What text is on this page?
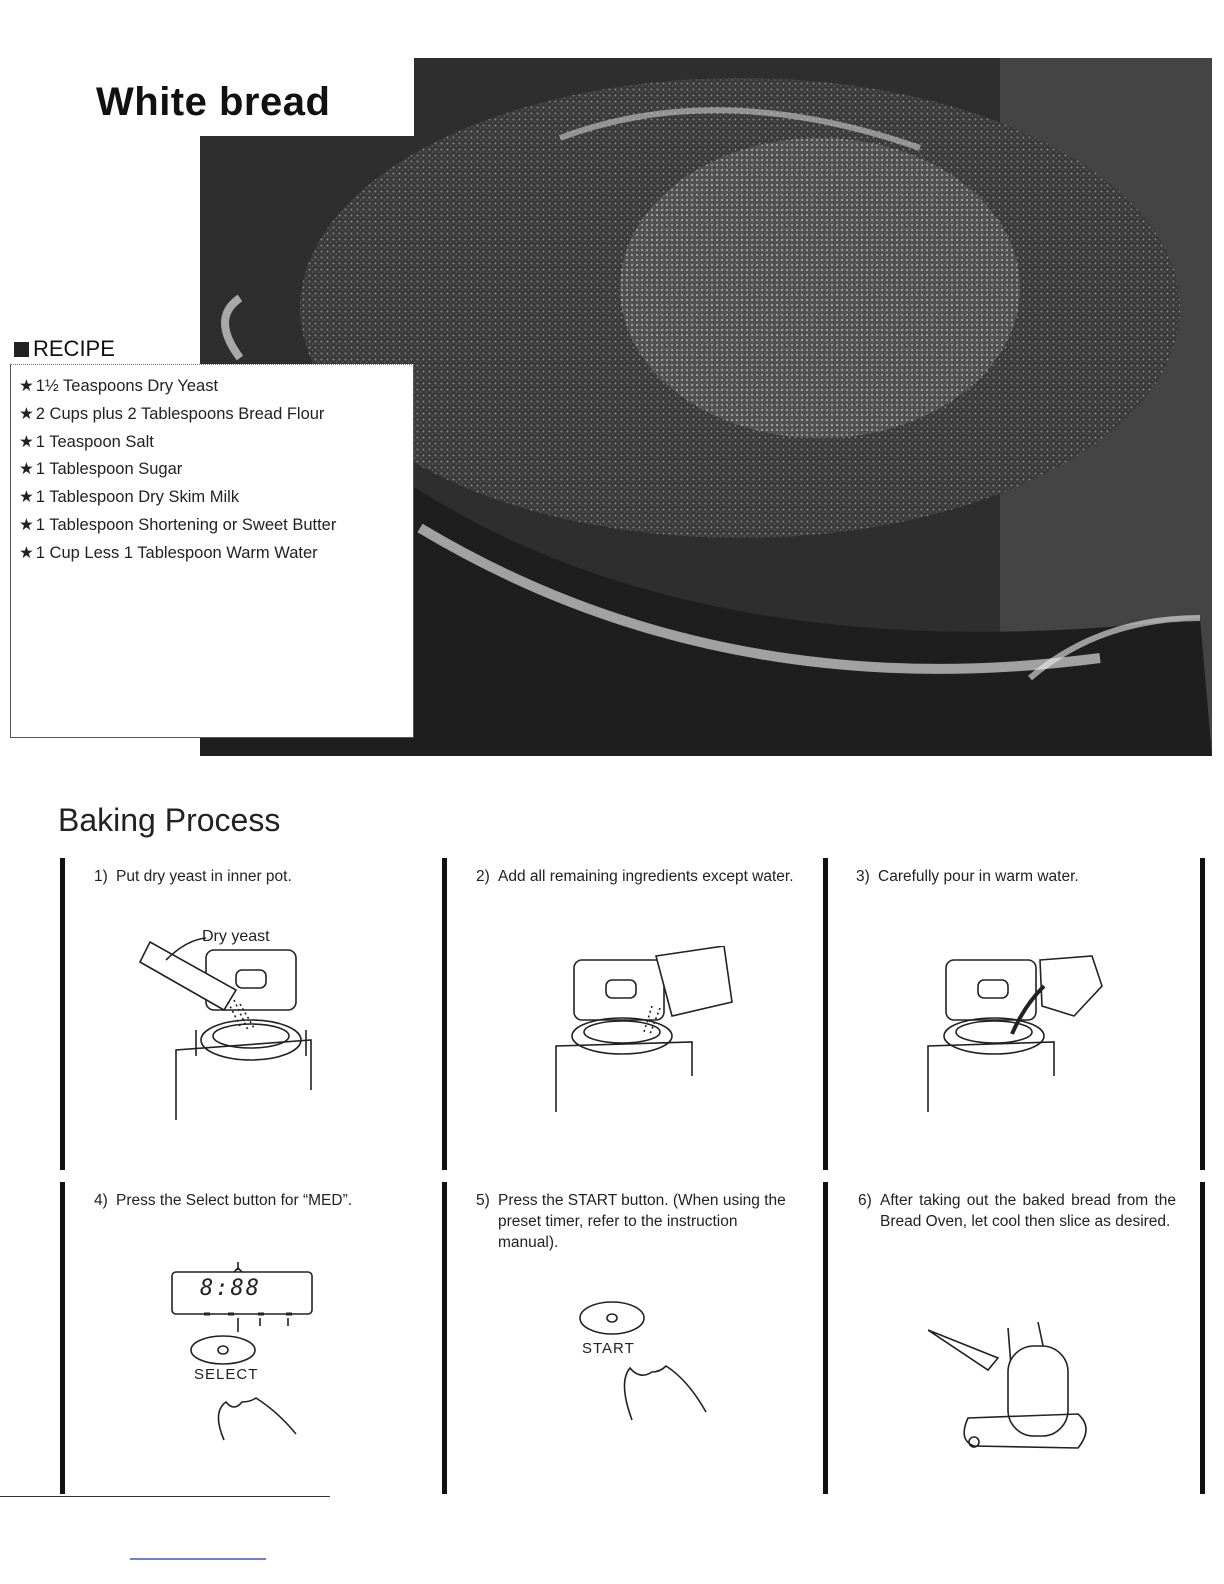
White bread
RECIPE
★ 1½ Teaspoons Dry Yeast
★ 2 Cups plus 2 Tablespoons Bread Flour
★ 1 Teaspoon Salt
★ 1 Tablespoon Sugar
★ 1 Tablespoon Dry Skim Milk
★ 1 Tablespoon Shortening or Sweet Butter
★ 1 Cup Less 1 Tablespoon Warm Water
Baking Process
1) Put dry yeast in inner pot.	2) Add all remaining ingredients except water.	3) Carefully pour in warm water.
4) Press the Select button for “MED”.	5) Press the START button. (When using the preset timer, refer to the instruction manual).
6) After taking out the baked bread from the Bread Oven, let cool then slice as desired.
Dry yeast
8:88
SELECT
START
